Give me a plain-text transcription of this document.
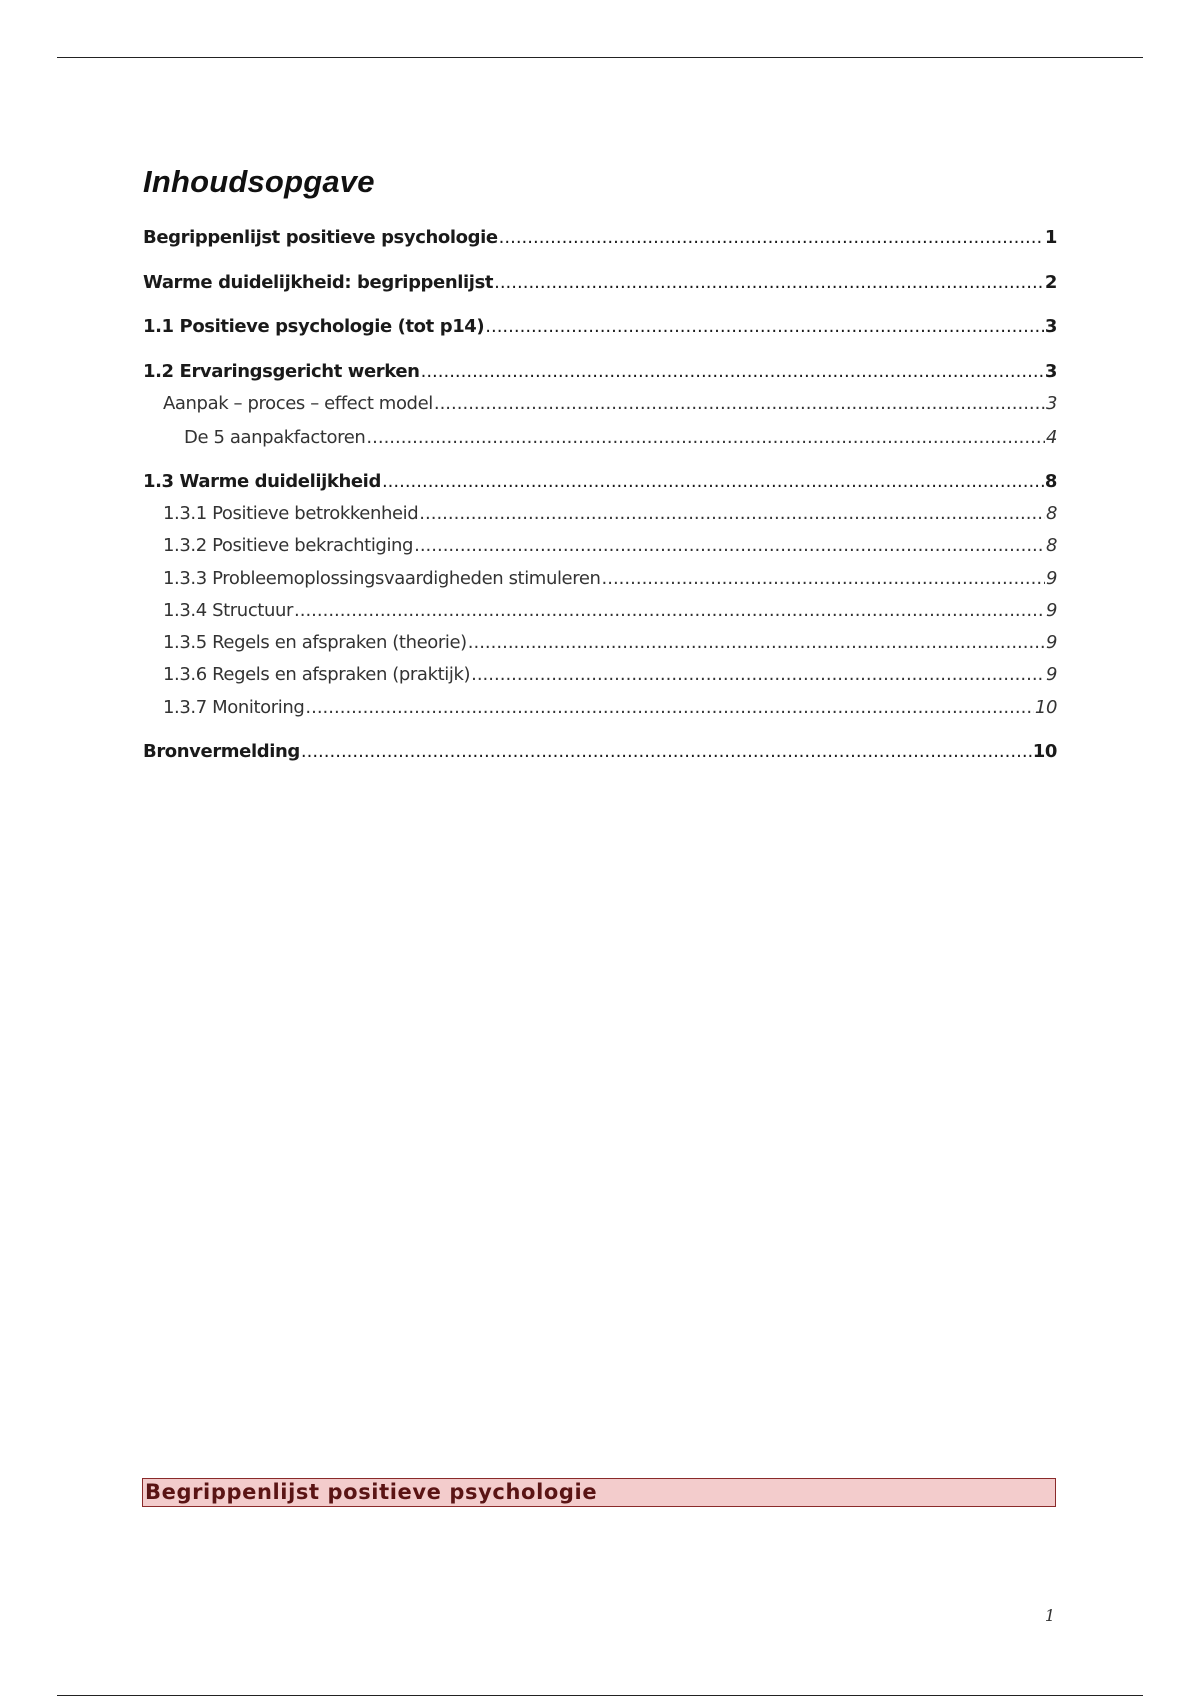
Inhoudsopgave
Begrippenlijst positieve psychologie .....	1
Warme duidelijkheid: begrippenlijst .....	2
1.1 Positieve psychologie (tot p14) .....	3
1.2 Ervaringsgericht werken .....	3
Aanpak – proces – effect model .....	3
De 5 aanpakfactoren .....	4
1.3 Warme duidelijkheid .....	8
1.3.1 Positieve betrokkenheid .....	8
1.3.2 Positieve bekrachtiging .....	8
1.3.3 Probleemoplossingsvaardigheden stimuleren .....	9
1.3.4 Structuur .....	9
1.3.5 Regels en afspraken (theorie) .....	9
1.3.6 Regels en afspraken (praktijk) .....	9
1.3.7 Monitoring .....	10
Bronvermelding .....	10
Begrippenlijst positieve psychologie
1
